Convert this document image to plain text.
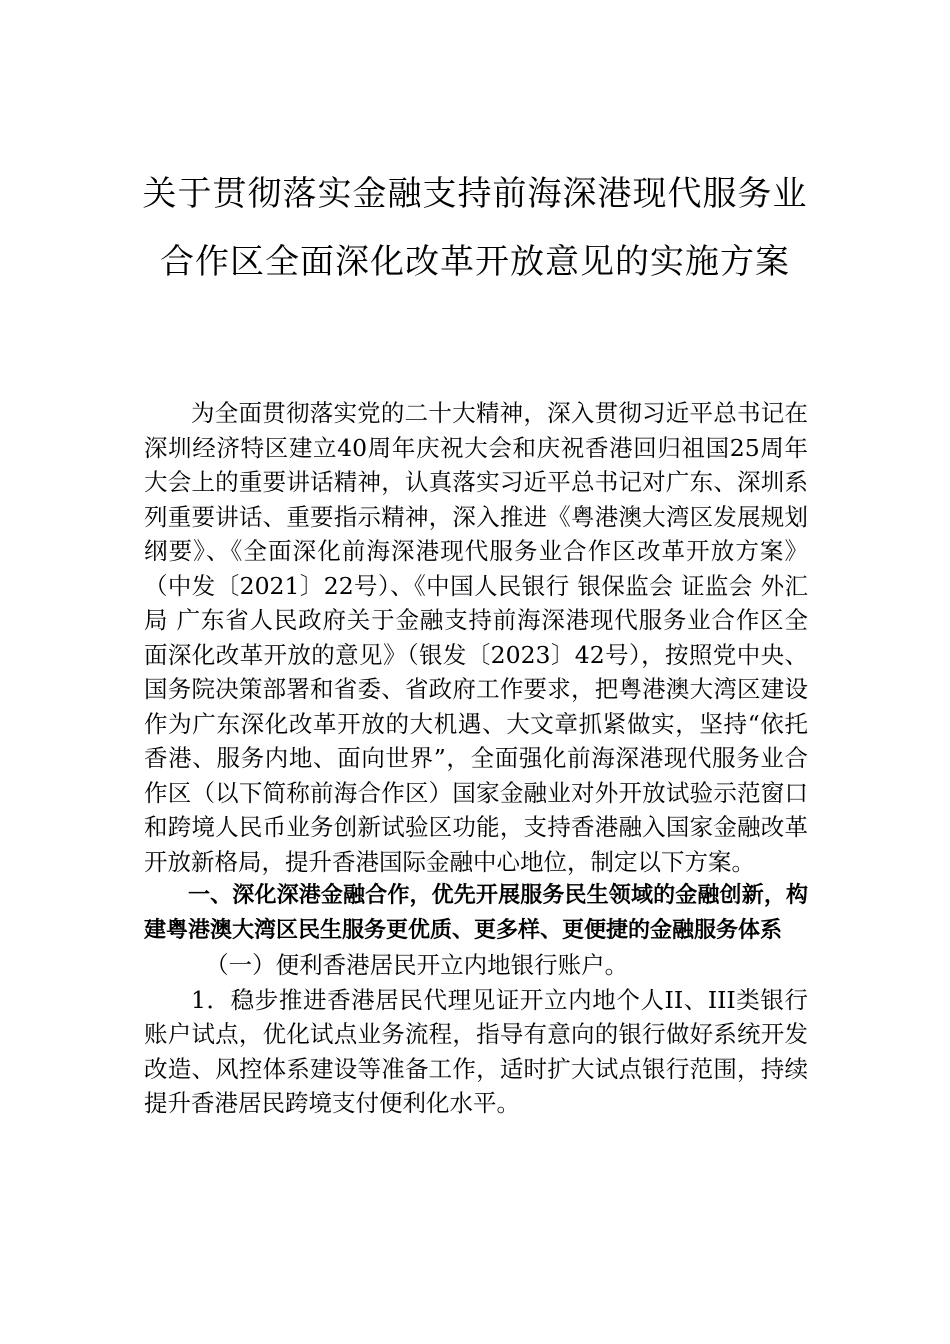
关于贯彻落实金融支持前海深港现代服务业合作区全面深化改革开放意见的实施方案

为全面贯彻落实党的二十大精神，深入贯彻习近平总书记在深圳经济特区建立40周年庆祝大会和庆祝香港回归祖国25周年大会上的重要讲话精神，认真落实习近平总书记对广东、深圳系列重要讲话、重要指示精神，深入推进《粤港澳大湾区发展规划纲要》、《全面深化前海深港现代服务业合作区改革开放方案》（中发〔2021〕22号）、《中国人民银行 银保监会 证监会 外汇局 广东省人民政府关于金融支持前海深港现代服务业合作区全面深化改革开放的意见》（银发〔2023〕42号），按照党中央、国务院决策部署和省委、省政府工作要求，把粤港澳大湾区建设作为广东深化改革开放的大机遇、大文章抓紧做实，坚持“依托香港、服务内地、面向世界”，全面强化前海深港现代服务业合作区（以下简称前海合作区）国家金融业对外开放试验示范窗口和跨境人民币业务创新试验区功能，支持香港融入国家金融改革开放新格局，提升香港国际金融中心地位，制定以下方案。

一、深化深港金融合作，优先开展服务民生领域的金融创新，构建粤港澳大湾区民生服务更优质、更多样、更便捷的金融服务体系

（一）便利香港居民开立内地银行账户。

1．稳步推进香港居民代理见证开立内地个人II、III类银行账户试点，优化试点业务流程，指导有意向的银行做好系统开发改造、风控体系建设等准备工作，适时扩大试点银行范围，持续提升香港居民跨境支付便利化水平。
